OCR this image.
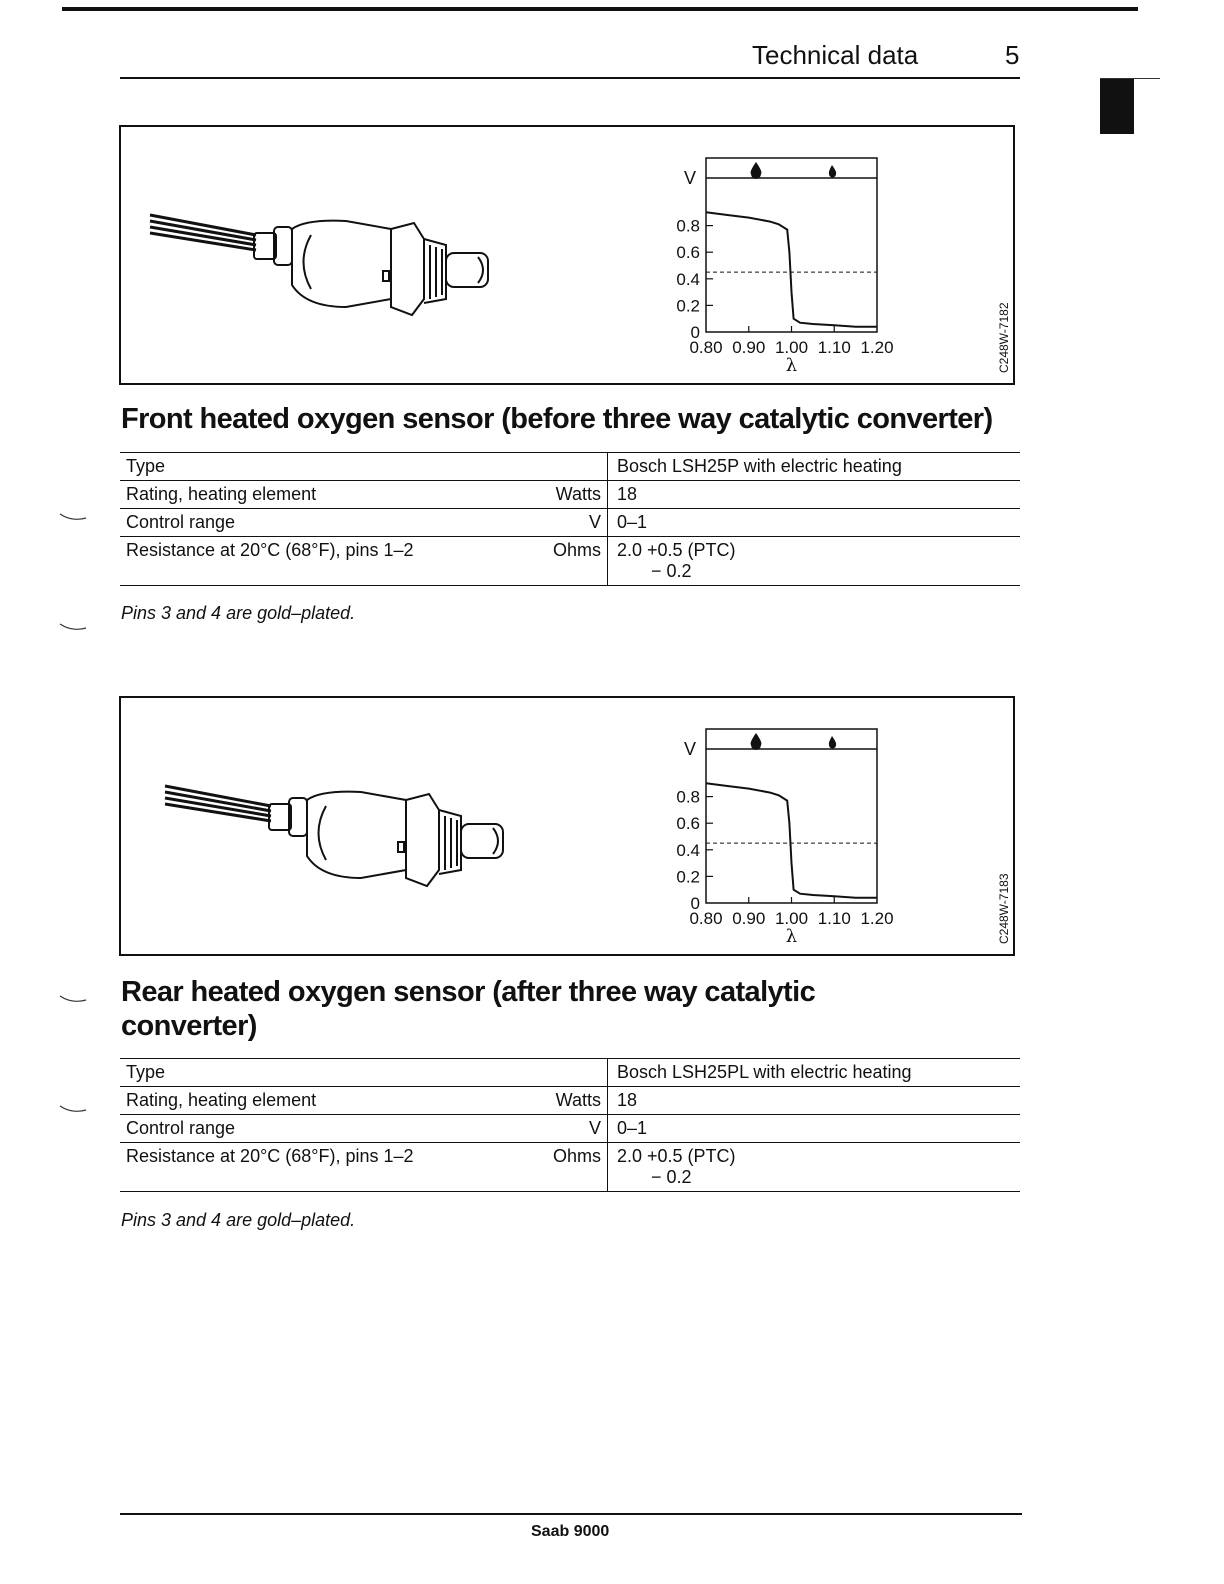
Technical data	5
0
0.2
0.4
0.6
0.8
V
0.80 0.90 1.00 1.10 1.20
λ	C248W-7182
Front heated oxygen sensor (before three way catalytic converter)
Type		Bosch LSH25P with electric heating
Rating, heating element	Watts	18
Control range	V	0–1
Resistance at 20°C (68°F), pins 1–2	Ohms	2.0 +0.5 (PTC)
− 0.2
Pins 3 and 4 are gold–plated.
0
0.2
0.4
0.6
0.8
V
0.80 0.90 1.00 1.10 1.20
λ	C248W-7183
Rear heated oxygen sensor (after three way catalytic converter)
Type		Bosch LSH25PL with electric heating
Rating, heating element	Watts	18
Control range	V	0–1
Resistance at 20°C (68°F), pins 1–2	Ohms	2.0 +0.5 (PTC)
− 0.2
Pins 3 and 4 are gold–plated.
Saab 9000
